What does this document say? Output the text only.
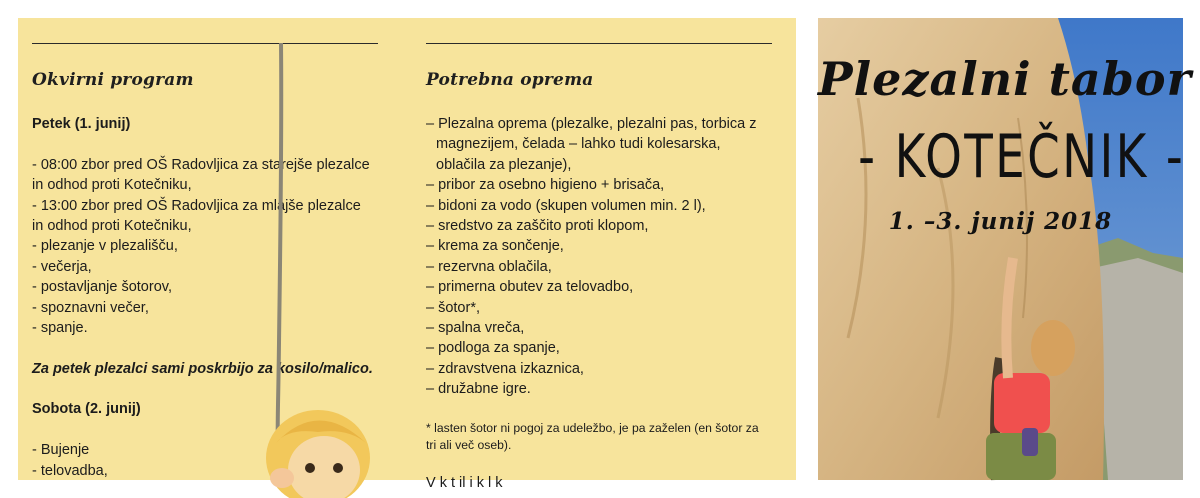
Okvirni program
Petek (1. junij)
- 08:00 zbor pred OŠ Radovljica za starejše plezalce
in odhod proti Kotečniku,
- 13:00 zbor pred OŠ Radovljica za mlajše plezalce
in odhod proti Kotečniku,
- plezanje v plezališču,
- večerja,
- postavljanje šotorov,
- spoznavni večer,
- spanje.
Za petek plezalci sami poskrbijo za kosilo/malico.
Sobota (2. junij)
- Bujenje
- telovadba,
Potrebna oprema
– Plezalna oprema (plezalke, plezalni pas, torbica z
magnezijem, čelada – lahko tudi kolesarska,
oblačila za plezanje),
– pribor za osebno higieno + brisača,
– bidoni za vodo (skupen volumen min. 2 l),
– sredstvo za zaščito proti klopom,
– krema za sončenje,
– rezervna oblačila,
– primerna obutev za telovadbo,
– šotor*,
– spalna vreča,
– podloga za spanje,
– zdravstvena izkaznica,
– družabne igre.
* lasten šotor ni pogoj za udeležbo, je pa zaželen (en šotor za
tri ali več oseb).
V k t il i k l k
Plezalni tabor
- KOTEČNIK -
1. –3. junij 2018
